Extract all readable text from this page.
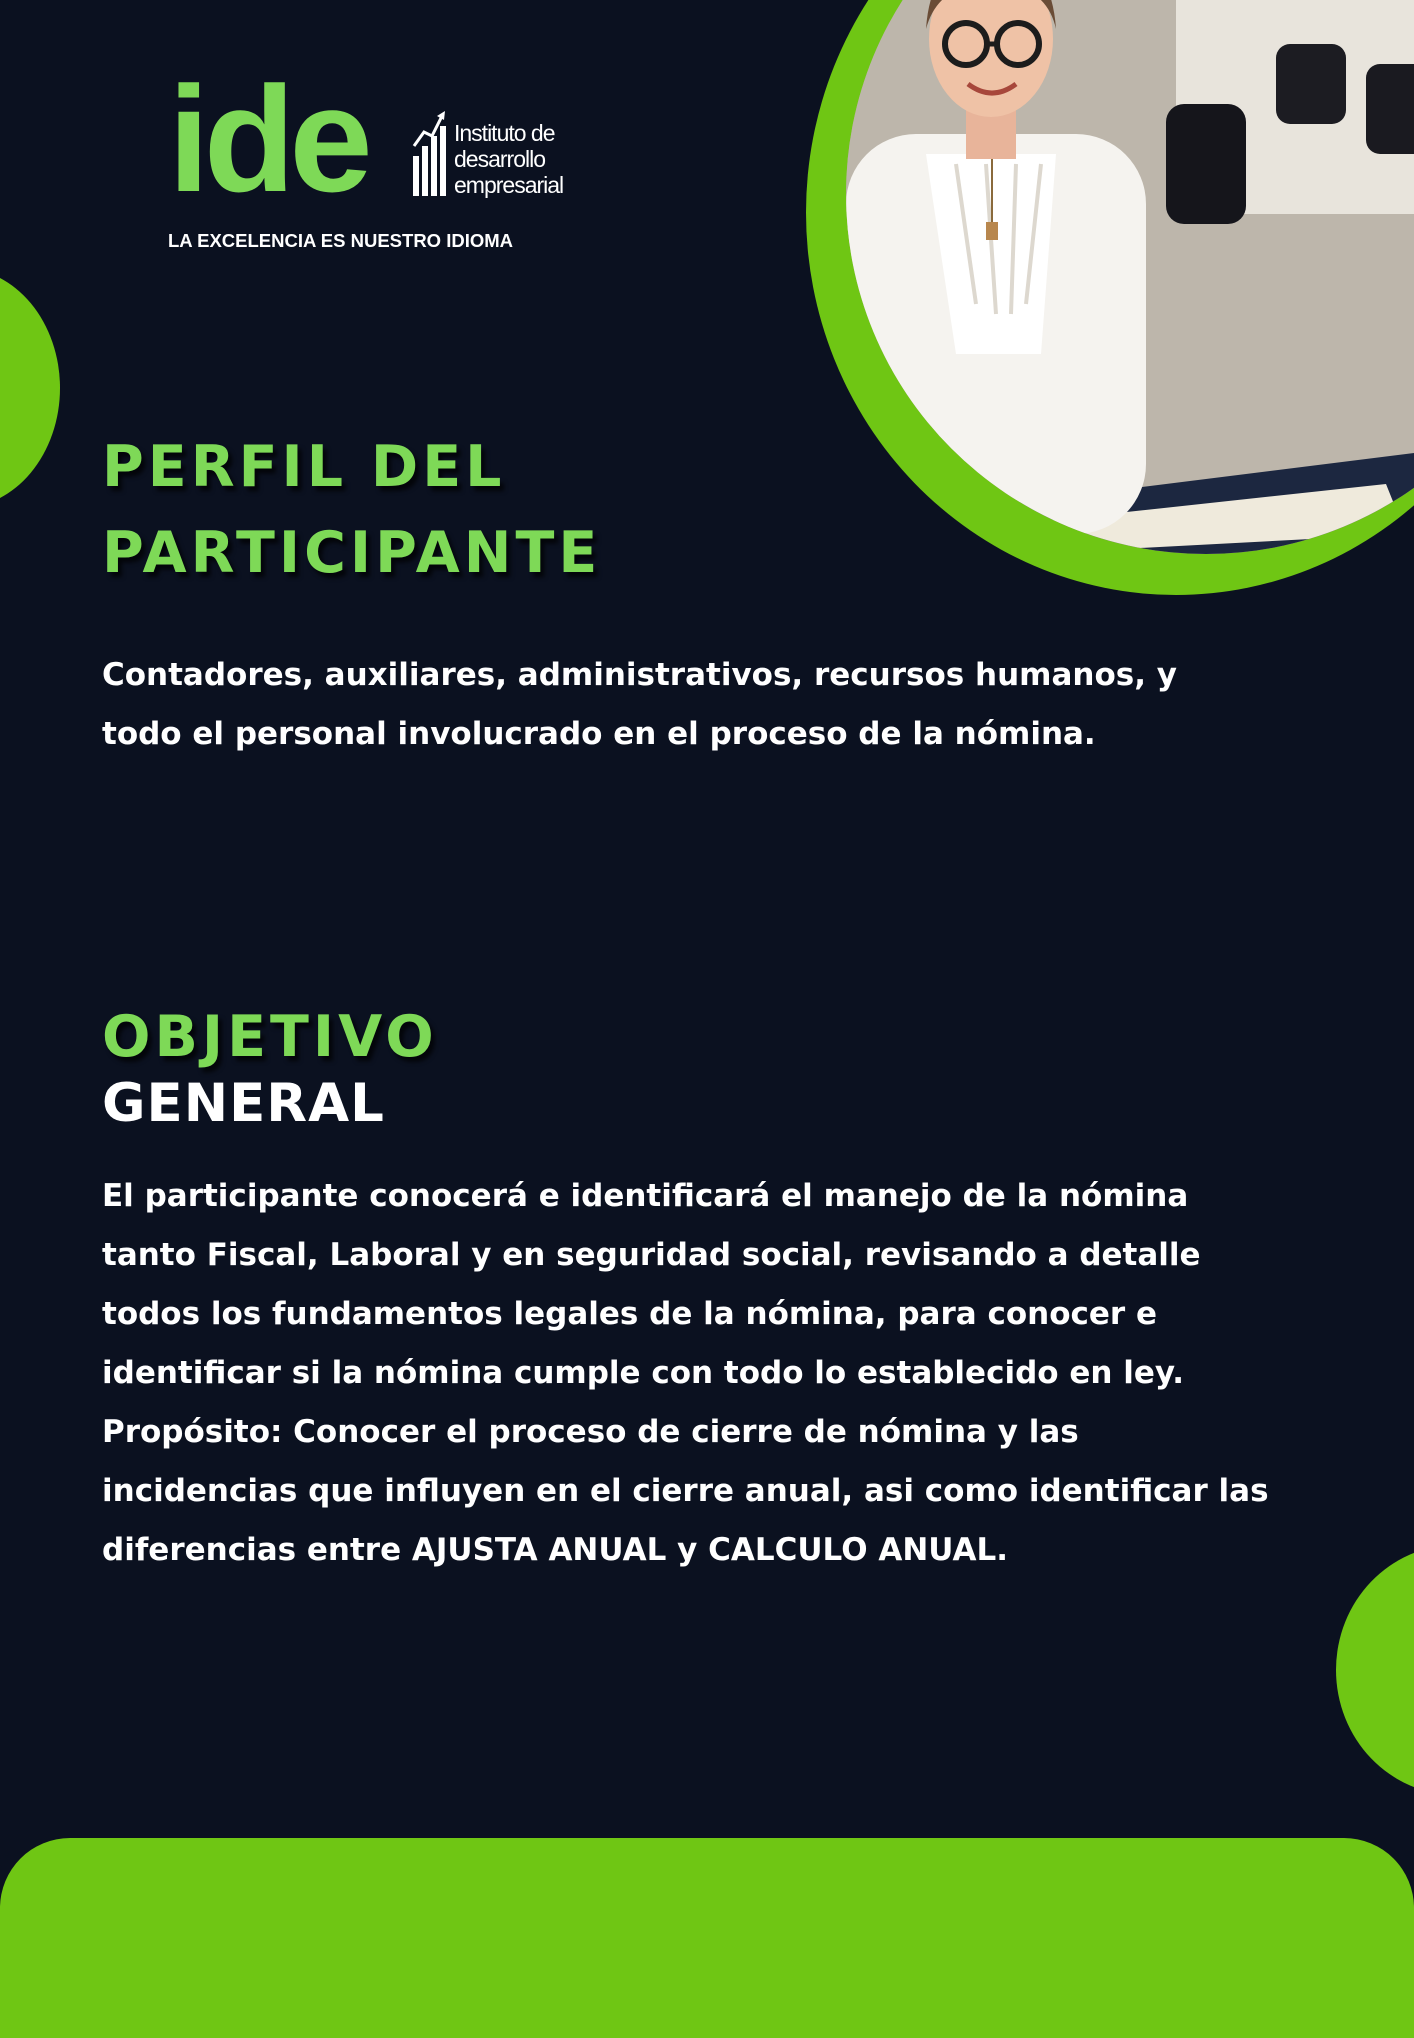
ide	Instituto de
desarrollo
empresarial
LA EXCELENCIA ES NUESTRO IDIOMA
PERFIL DEL
PARTICIPANTE

Contadores, auxiliares, administrativos, recursos humanos, y
todo el personal involucrado en el proceso de la nómina.

OBJETIVO
GENERAL

El participante conocerá e identificará el manejo de la nómina
tanto Fiscal, Laboral y en seguridad social, revisando a detalle
todos los fundamentos legales de la nómina, para conocer e
identificar si la nómina cumple con todo lo establecido en ley.
Propósito: Conocer el proceso de cierre de nómina y las
incidencias que influyen en el cierre anual, asi como identificar las
diferencias entre AJUSTA ANUAL y CALCULO ANUAL.
